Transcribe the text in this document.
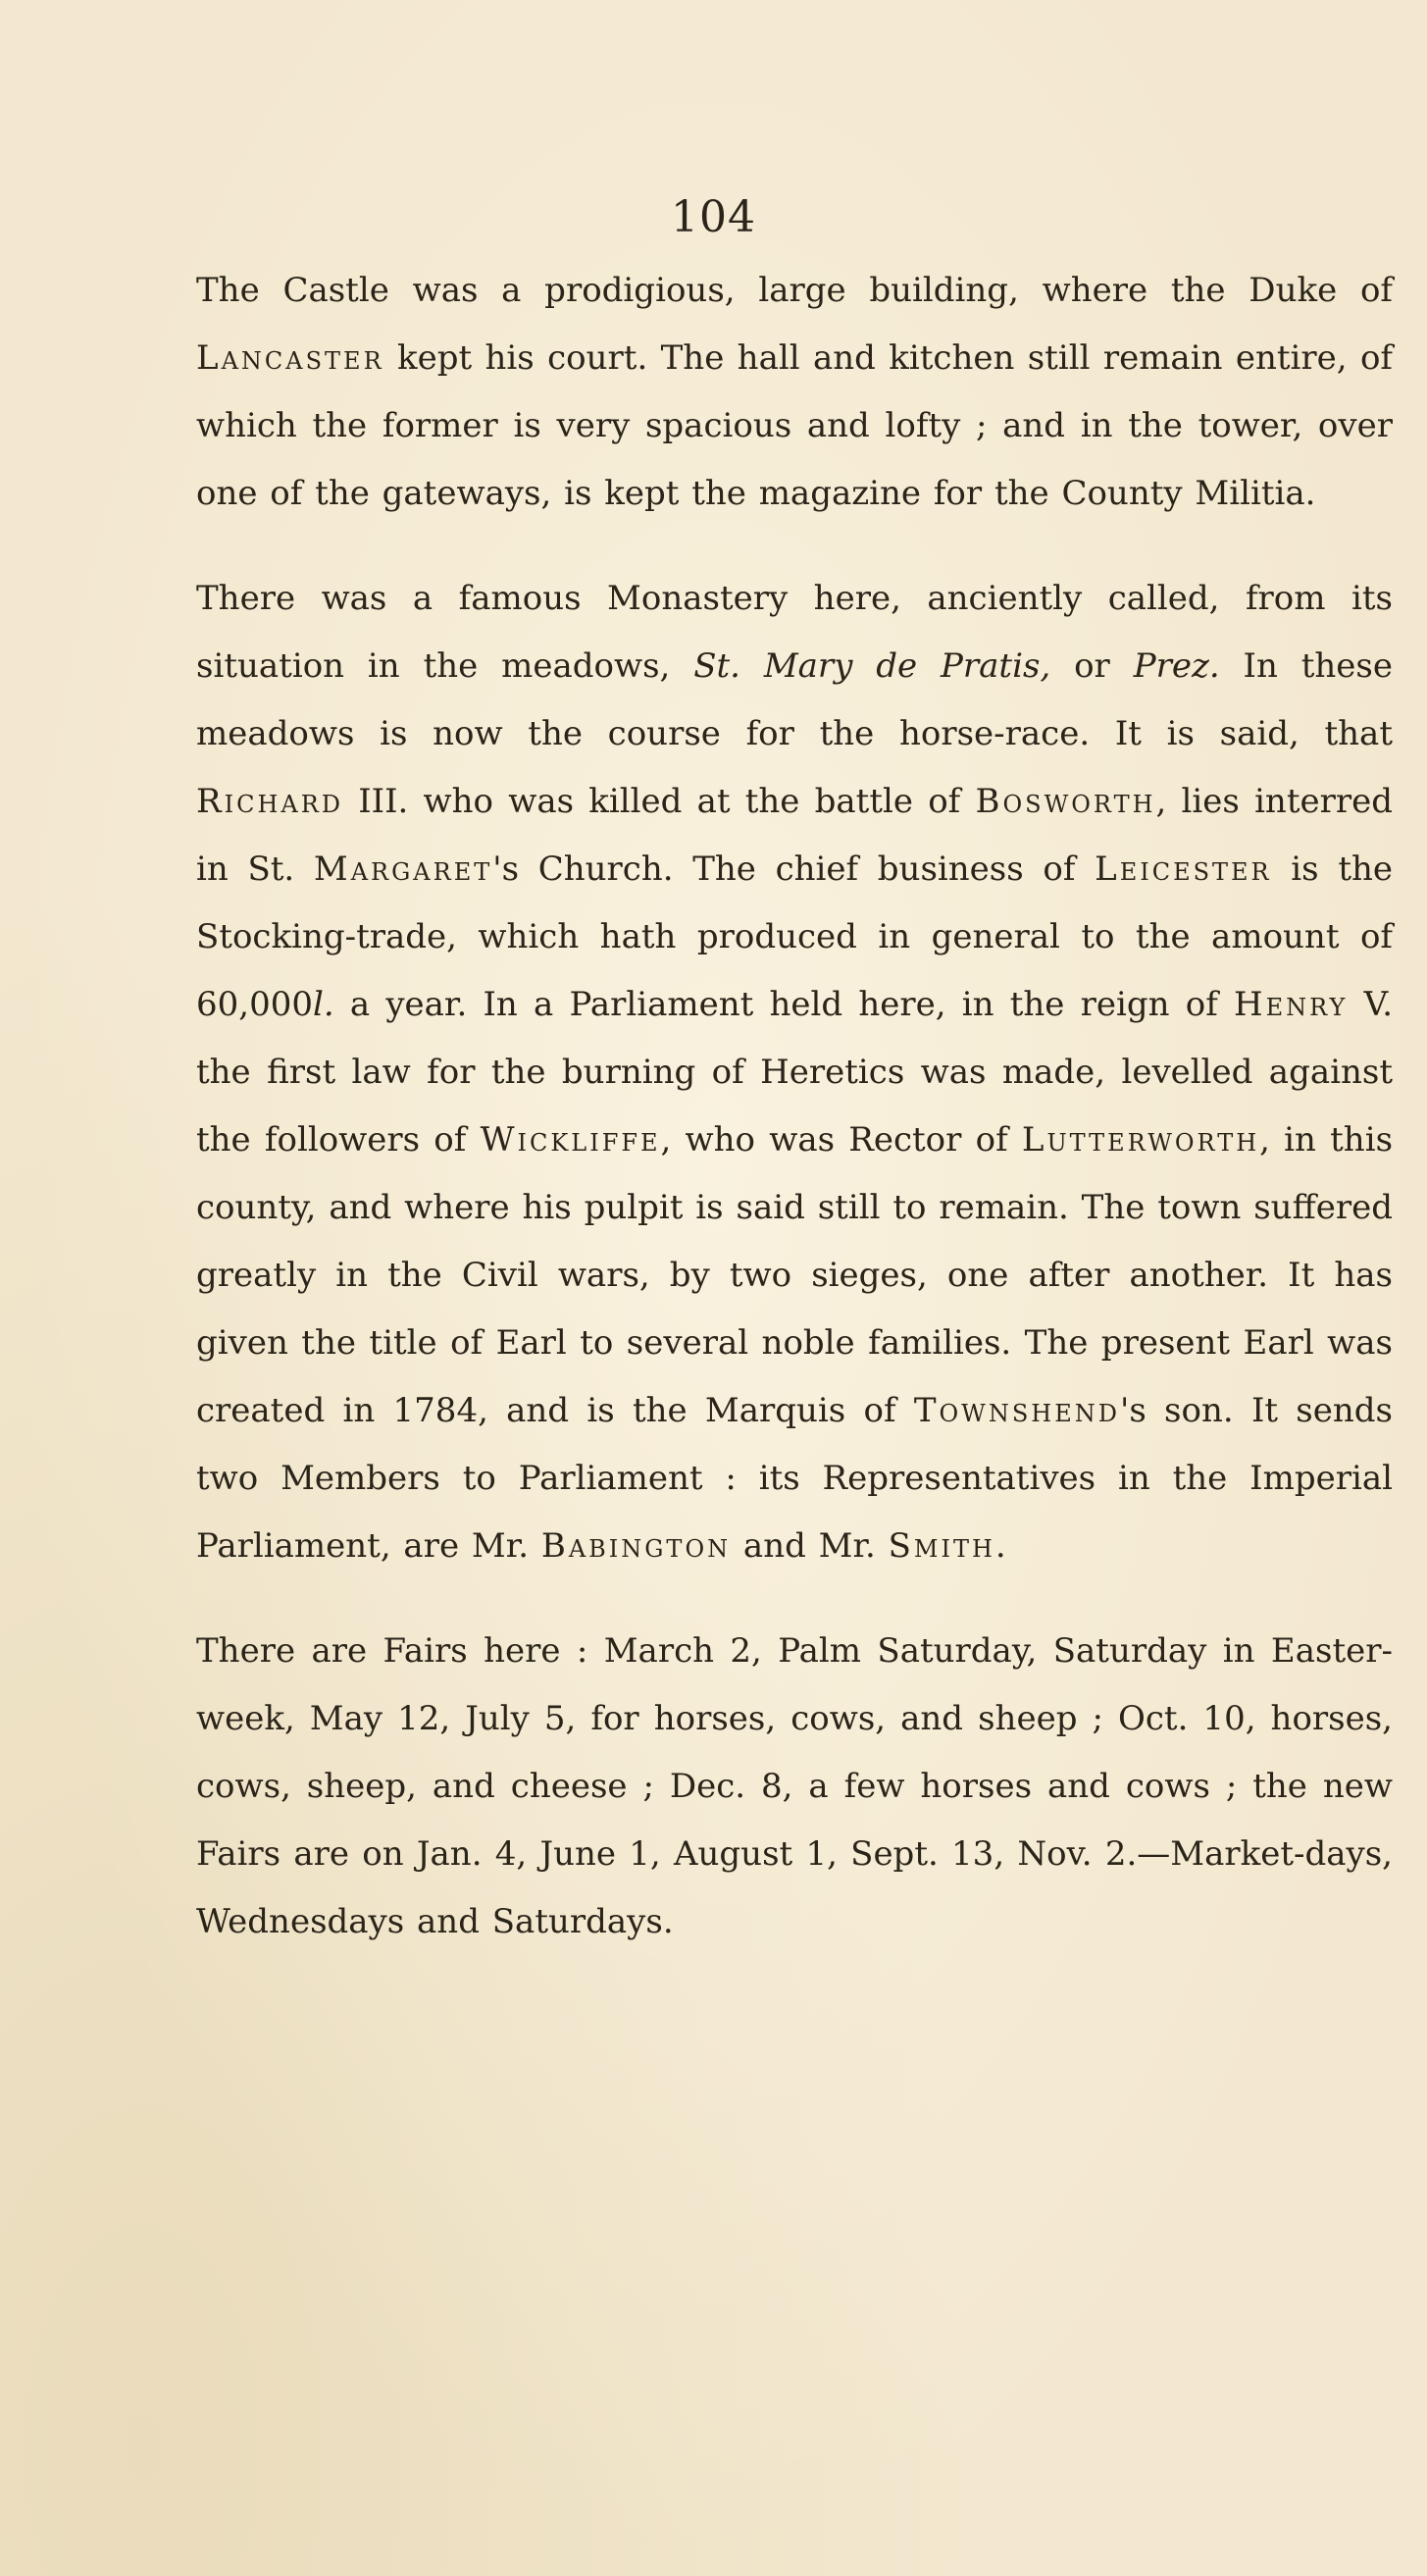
104

The Castle was a prodigious, large building, where the Duke of Lancaster kept his court. The hall and kitchen still remain entire, of which the former is very spacious and lofty ; and in the tower, over one of the gateways, is kept the magazine for the County Militia.

There was a famous Monastery here, anciently called, from its situation in the meadows, St. Mary de Pratis, or Prez. In these meadows is now the course for the horse-race. It is said, that Richard III. who was killed at the battle of Bosworth, lies interred in St. Margaret's Church. The chief business of Leicester is the Stocking-trade, which hath produced in general to the amount of 60,000l. a year. In a Parliament held here, in the reign of Henry V. the first law for the burning of Heretics was made, levelled against the followers of Wickliffe, who was Rector of Lutterworth, in this county, and where his pulpit is said still to remain. The town suffered greatly in the Civil wars, by two sieges, one after another. It has given the title of Earl to several noble families. The present Earl was created in 1784, and is the Marquis of Townshend's son. It sends two Members to Parliament : its Representatives in the Imperial Parliament, are Mr. Babington and Mr. Smith.

There are Fairs here : March 2, Palm Saturday, Saturday in Easter-week, May 12, July 5, for horses, cows, and sheep ; Oct. 10, horses, cows, sheep, and cheese ; Dec. 8, a few horses and cows ; the new Fairs are on Jan. 4, June 1, August 1, Sept. 13, Nov. 2.—Market-days, Wednesdays and Saturdays.
